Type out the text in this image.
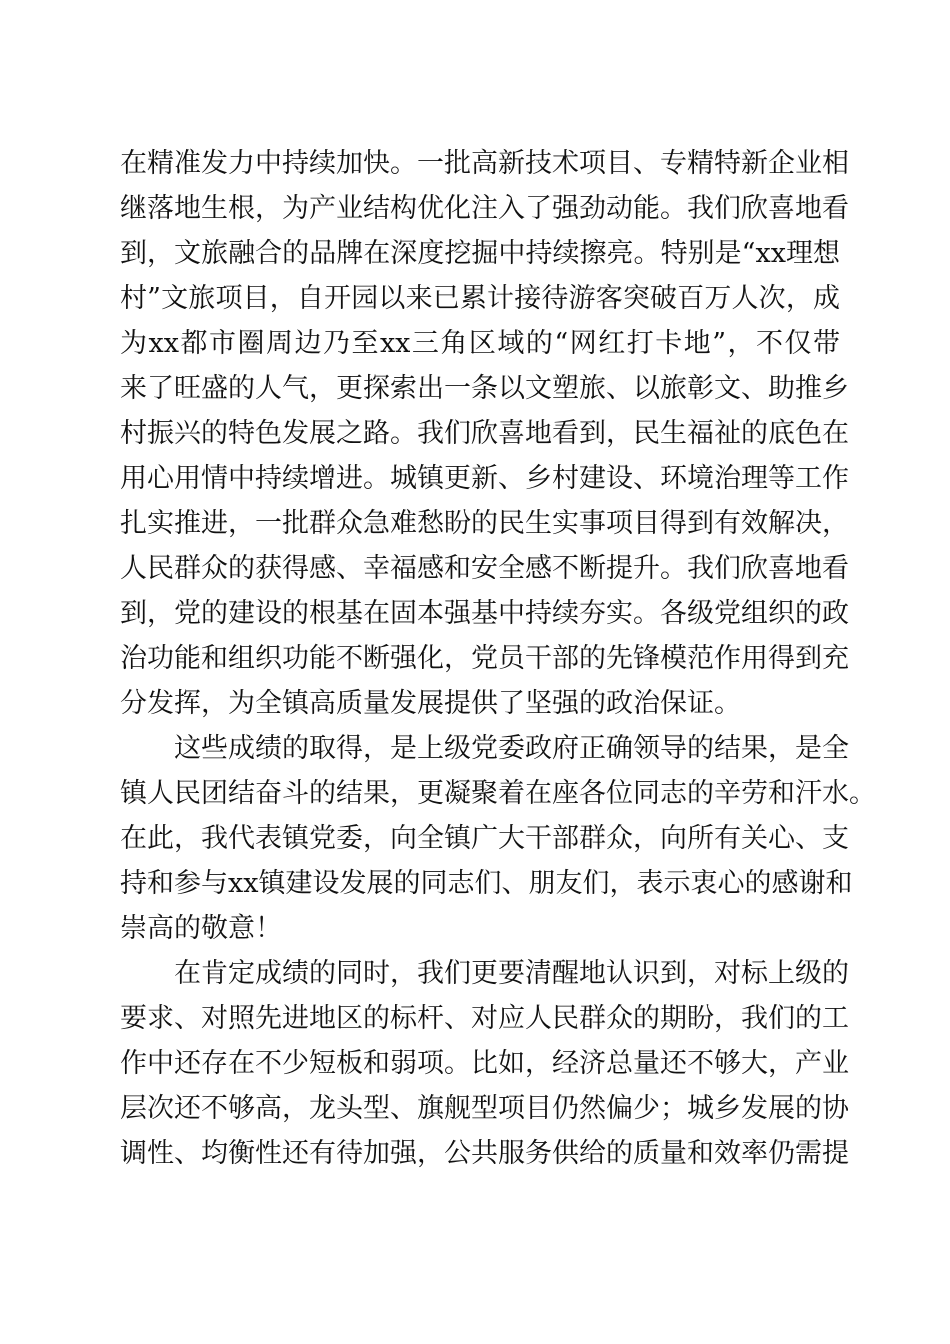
在精准发力中持续加快。一批高新技术项目、专精特新企业相
继落地生根，为产业结构优化注入了强劲动能。我们欣喜地看
到，文旅融合的品牌在深度挖掘中持续擦亮。特别是“xx理想
村”文旅项目，自开园以来已累计接待游客突破百万人次，成
为xx都市圈周边乃至xx三角区域的“网红打卡地”，不仅带
来了旺盛的人气，更探索出一条以文塑旅、以旅彰文、助推乡
村振兴的特色发展之路。我们欣喜地看到，民生福祉的底色在
用心用情中持续增进。城镇更新、乡村建设、环境治理等工作
扎实推进，一批群众急难愁盼的民生实事项目得到有效解决，
人民群众的获得感、幸福感和安全感不断提升。我们欣喜地看
到，党的建设的根基在固本强基中持续夯实。各级党组织的政
治功能和组织功能不断强化，党员干部的先锋模范作用得到充
分发挥，为全镇高质量发展提供了坚强的政治保证。
这些成绩的取得，是上级党委政府正确领导的结果，是全
镇人民团结奋斗的结果，更凝聚着在座各位同志的辛劳和汗水。
在此，我代表镇党委，向全镇广大干部群众，向所有关心、支
持和参与xx镇建设发展的同志们、朋友们，表示衷心的感谢和
崇高的敬意！
在肯定成绩的同时，我们更要清醒地认识到，对标上级的
要求、对照先进地区的标杆、对应人民群众的期盼，我们的工
作中还存在不少短板和弱项。比如，经济总量还不够大，产业
层次还不够高，龙头型、旗舰型项目仍然偏少；城乡发展的协
调性、均衡性还有待加强，公共服务供给的质量和效率仍需提
